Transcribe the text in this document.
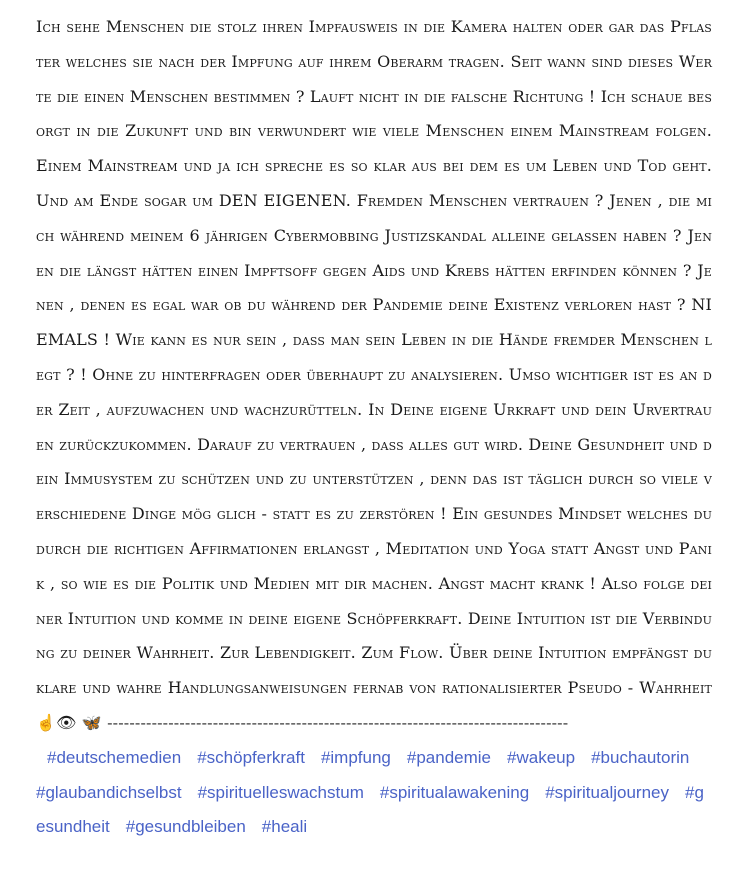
Ich sehe Menschen die stolz ihren Impfausweis in die Kamera halten oder gar das Pflaster welches sie nach der Impfung auf ihrem Oberarm tragen. Seit wann sind dieses Werte die einen Menschen bestimmen ? Lauft nicht in die falsche Richtung ! Ich schaue besorgt in die Zukunft und bin verwundert wie viele Menschen einem Mainstream folgen. Einem Mainstream und ja ich spreche es so klar aus bei dem es um Leben und Tod geht. Und am Ende sogar um DEN EIGENEN. Fremden Menschen vertrauen ? Jenen , die mich während meinem 6 jährigen Cybermobbing Justizskandal alleine gelassen haben ? Jenen die längst hätten einen Impftsoff gegen Aids und Krebs hätten erfinden können ? Jenen , denen es egal war ob du während der Pandemie deine Existenz verloren hast ? NIEMALS ! Wie kann es nur sein , dass man sein Leben in die Hände fremder Menschen legt ? ! Ohne zu hinterfragen oder überhaupt zu analysieren. Umso wichtiger ist es an der Zeit , aufzuwachen und wachzurütteln. In Deine eigene Urkraft und dein Urvertrauen zurückzukommen. Darauf zu vertrauen , dass alles gut wird. Deine Gesundheit und dein Immusystem zu schützen und zu unterstützen , denn das ist täglich durch so viele verschiedene Dinge mög glich - statt es zu zerstören ! Ein gesundes Mindset welches du durch die richtigen Affirmationen erlangst , Meditation und Yoga statt Angst und Panik , so wie es die Politik und Medien mit dir machen. Angst macht krank ! Also folge deiner Intuition und komme in deine eigene Schöpferkraft. Deine Intuition ist die Verbindung zu deiner Wahrheit. Zur Lebendigkeit. Zum Flow. Über deine Intuition empfängst du klare und wahre Handlungsanweisungen fernab von rationalisierter Pseudo - Wahrheit ☝👁 🦋 -----------------------------------------------------------------------------------

#deutschemedien #schöpferkraft #impfung #pandemie #wakeup #buchautorin#glaubandichselbst #spirituelleswachstum #spiritualawakening #spiritualjourney #gesundheit #gesundbleiben #heali
